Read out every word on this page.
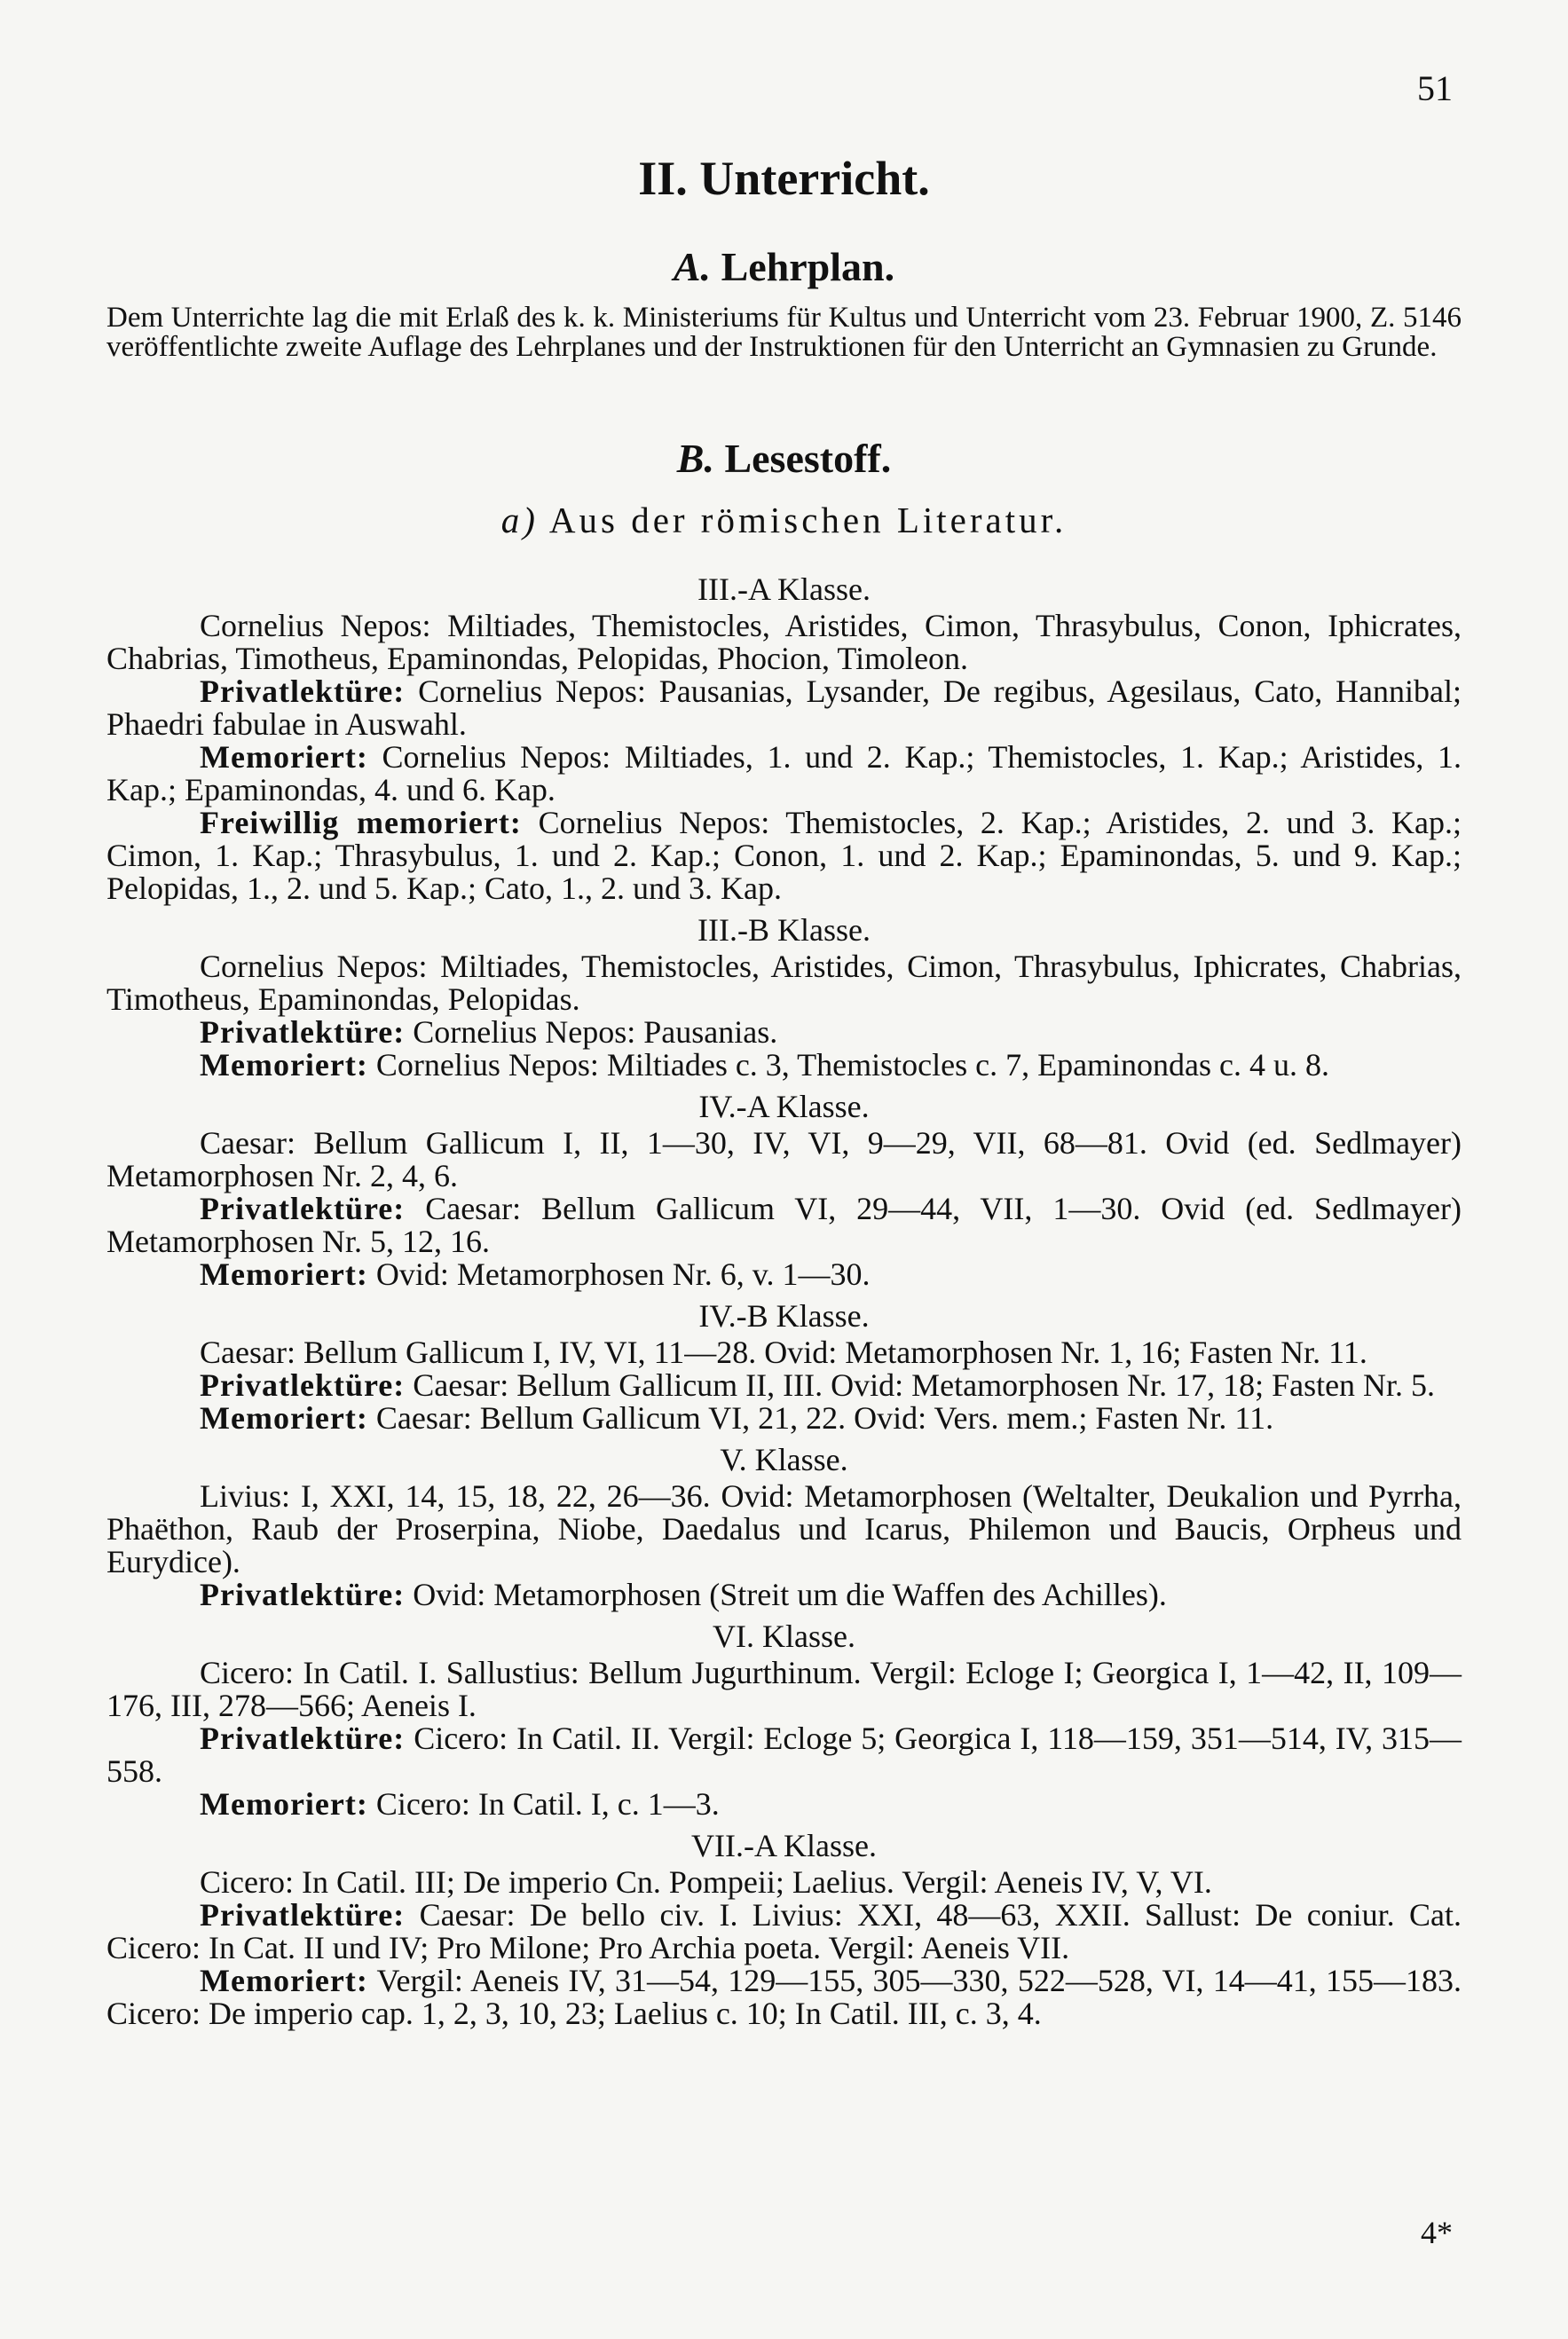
51
II. Unterricht.
A. Lehrplan.
Dem Unterrichte lag die mit Erlaß des k. k. Ministeriums für Kultus und Unterricht vom 23. Februar 1900, Z. 5146 veröffentlichte zweite Auflage des Lehrplanes und der Instruktionen für den Unterricht an Gymnasien zu Grunde.
B. Lesestoff.
a) Aus der römischen Literatur.
III.-A Klasse.

Cornelius Nepos: Miltiades, Themistocles, Aristides, Cimon, Thrasybulus, Conon, Iphicrates, Chabrias, Timotheus, Epaminondas, Pelopidas, Phocion, Timoleon.

Privatlektüre: Cornelius Nepos: Pausanias, Lysander, De regibus, Agesilaus, Cato, Hannibal; Phaedri fabulae in Auswahl.

Memoriert: Cornelius Nepos: Miltiades, 1. und 2. Kap.; Themistocles, 1. Kap.; Aristides, 1. Kap.; Epaminondas, 4. und 6. Kap.

Freiwillig memoriert: Cornelius Nepos: Themistocles, 2. Kap.; Aristides, 2. und 3. Kap.; Cimon, 1. Kap.; Thrasybulus, 1. und 2. Kap.; Conon, 1. und 2. Kap.; Epaminondas, 5. und 9. Kap.; Pelopidas, 1., 2. und 5. Kap.; Cato, 1., 2. und 3. Kap.

III.-B Klasse.

Cornelius Nepos: Miltiades, Themistocles, Aristides, Cimon, Thrasybulus, Iphicrates, Chabrias, Timotheus, Epaminondas, Pelopidas.

Privatlektüre: Cornelius Nepos: Pausanias.

Memoriert: Cornelius Nepos: Miltiades c. 3, Themistocles c. 7, Epaminondas c. 4 u. 8.

IV.-A Klasse.

Caesar: Bellum Gallicum I, II, 1—30, IV, VI, 9—29, VII, 68—81. Ovid (ed. Sedlmayer) Metamorphosen Nr. 2, 4, 6.

Privatlektüre: Caesar: Bellum Gallicum VI, 29—44, VII, 1—30. Ovid (ed. Sedlmayer) Metamorphosen Nr. 5, 12, 16.

Memoriert: Ovid: Metamorphosen Nr. 6, v. 1—30.

IV.-B Klasse.

Caesar: Bellum Gallicum I, IV, VI, 11—28. Ovid: Metamorphosen Nr. 1, 16; Fasten Nr. 11.

Privatlektüre: Caesar: Bellum Gallicum II, III. Ovid: Metamorphosen Nr. 17, 18; Fasten Nr. 5.

Memoriert: Caesar: Bellum Gallicum VI, 21, 22. Ovid: Vers. mem.; Fasten Nr. 11.

V. Klasse.

Livius: I, XXI, 14, 15, 18, 22, 26—36. Ovid: Metamorphosen (Weltalter, Deukalion und Pyrrha, Phaëthon, Raub der Proserpina, Niobe, Daedalus und Icarus, Philemon und Baucis, Orpheus und Eurydice).

Privatlektüre: Ovid: Metamorphosen (Streit um die Waffen des Achilles).

VI. Klasse.

Cicero: In Catil. I. Sallustius: Bellum Jugurthinum. Vergil: Ecloge I; Georgica I, 1—42, II, 109—176, III, 278—566; Aeneis I.

Privatlektüre: Cicero: In Catil. II. Vergil: Ecloge 5; Georgica I, 118—159, 351—514, IV, 315—558.

Memoriert: Cicero: In Catil. I, c. 1—3.

VII.-A Klasse.

Cicero: In Catil. III; De imperio Cn. Pompeii; Laelius. Vergil: Aeneis IV, V, VI.

Privatlektüre: Caesar: De bello civ. I. Livius: XXI, 48—63, XXII. Sallust: De coniur. Cat. Cicero: In Cat. II und IV; Pro Milone; Pro Archia poeta. Vergil: Aeneis VII.

Memoriert: Vergil: Aeneis IV, 31—54, 129—155, 305—330, 522—528, VI, 14—41, 155—183. Cicero: De imperio cap. 1, 2, 3, 10, 23; Laelius c. 10; In Catil. III, c. 3, 4.

4*
